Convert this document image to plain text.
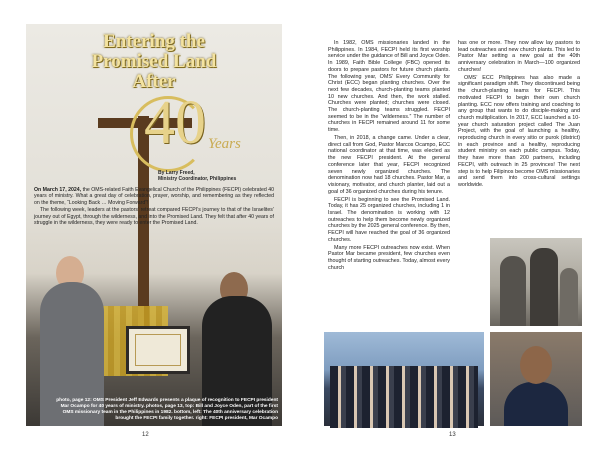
Entering the
Promised Land
After
40 Years
By Larry Freed,
Ministry Coordinator, Philippines

On March 17, 2024, the OMS-related Faith Evangelical Church of the Philippines (FECPI) celebrated 40 years of ministry. What a great day of celebration, prayer, worship, and remembering as they reflected on the theme, “Looking Back … Moving Forward”!

The following week, leaders at the pastors’ retreat compared FECPI’s journey to that of the Israelites’ journey out of Egypt, through the wilderness, and into the Promised Land. They felt that after 40 years of struggle in the wilderness, they were ready to enter the Promised Land.

photo, page 12: OMS President Jeff Edwards presents a plaque of recognition to FECPI president Mar Ocampo for 40 years of ministry. photos, page 13, top: Bill and Joyce Oden, part of the first OMS missionary team in the Philippines in 1982. bottom, left: The 40th anniversary celebration brought the FECPI family together. right: FECPI president, Mar Ocampo
12

In 1982, OMS missionaries landed in the Philippines. In 1984, FECPI held its first worship service under the guidance of Bill and Joyce Oden. In 1989, Faith Bible College (FBC) opened its doors to prepare pastors for future church plants. The following year, OMS’ Every Community for Christ (ECC) began planting churches. Over the next few decades, church-planting teams planted 10 new churches. And then, the work stalled. Churches were planted; churches were closed. The church-planting teams struggled. FECPI seemed to be in the “wilderness.” The number of churches in FECPI remained around 11 for some time.

Then, in 2018, a change came. Under a clear, direct call from God, Pastor Marcos Ocampo, ECC national coordinator at that time, was elected as the new FECPI president. At the general conference later that year, FECPI recognized seven newly organized churches. The denomination now had 18 churches. Pastor Mar, a visionary, motivator, and church planter, laid out a goal of 36 organized churches during his tenure.

FECPI is beginning to see the Promised Land. Today, it has 25 organized churches, including 1 in Israel. The denomination is working with 12 outreaches to help them become newly organized churches by the 2025 general conference. By then, FECPI will have reached the goal of 36 organized churches.

Many more FECPI outreaches now exist. When Pastor Mar became president, few churches even thought of starting outreaches. Today, almost every church

has one or more. They now allow lay pastors to lead outreaches and new church plants. This led to Pastor Mar setting a new goal at the 40th anniversary celebration in March—100 organized churches!

OMS’ ECC Philippines has also made a significant paradigm shift. They discontinued being the church-planting teams for FECPI. This motivated FECPI to begin their own church planting. ECC now offers training and coaching to any group that wants to do disciple-making and church multiplication. In 2017, ECC launched a 10-year church saturation project called The Juan Project, with the goal of launching a healthy, reproducing church in every sitio or purok (district) in each province and a healthy, reproducing student ministry on each public campus. Today, they have more than 200 partners, including FECPI, with outreach in 25 provinces! The next step is to help Filipinos become OMS missionaries and send them into cross-cultural settings worldwide.

13
